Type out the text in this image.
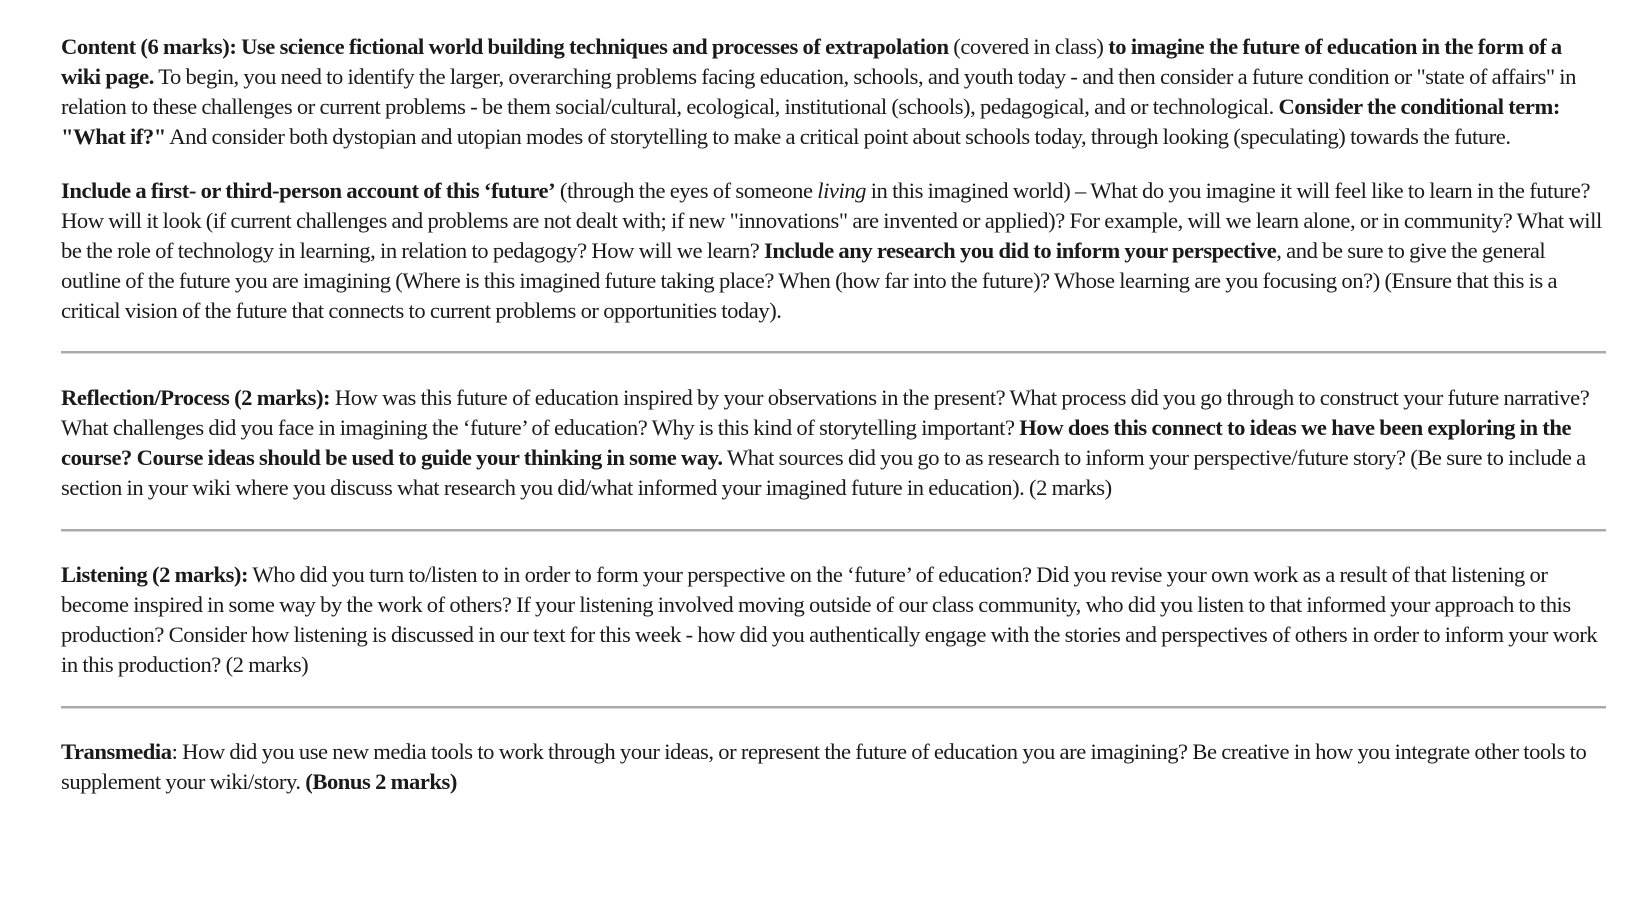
Content (6 marks): Use science fictional world building techniques and processes of extrapolation (covered in class) to imagine the future of education in the form of a wiki page. To begin, you need to identify the larger, overarching problems facing education, schools, and youth today - and then consider a future condition or "state of affairs" in relation to these challenges or current problems - be them social/cultural, ecological, institutional (schools), pedagogical, and or technological. Consider the conditional term: "What if?" And consider both dystopian and utopian modes of storytelling to make a critical point about schools today, through looking (speculating) towards the future.

Include a first- or third-person account of this ‘future’ (through the eyes of someone living in this imagined world) – What do you imagine it will feel like to learn in the future? How will it look (if current challenges and problems are not dealt with; if new "innovations" are invented or applied)? For example, will we learn alone, or in community? What will be the role of technology in learning, in relation to pedagogy? How will we learn? Include any research you did to inform your perspective, and be sure to give the general outline of the future you are imagining (Where is this imagined future taking place? When (how far into the future)? Whose learning are you focusing on?) (Ensure that this is a critical vision of the future that connects to current problems or opportunities today).

Reflection/Process (2 marks): How was this future of education inspired by your observations in the present? What process did you go through to construct your future narrative? What challenges did you face in imagining the ‘future’ of education? Why is this kind of storytelling important? How does this connect to ideas we have been exploring in the course? Course ideas should be used to guide your thinking in some way. What sources did you go to as research to inform your perspective/future story? (Be sure to include a section in your wiki where you discuss what research you did/what informed your imagined future in education). (2 marks)

Listening (2 marks): Who did you turn to/listen to in order to form your perspective on the ‘future’ of education? Did you revise your own work as a result of that listening or become inspired in some way by the work of others? If your listening involved moving outside of our class community, who did you listen to that informed your approach to this production? Consider how listening is discussed in our text for this week - how did you authentically engage with the stories and perspectives of others in order to inform your work in this production? (2 marks)

Transmedia: How did you use new media tools to work through your ideas, or represent the future of education you are imagining? Be creative in how you integrate other tools to supplement your wiki/story. (Bonus 2 marks)
